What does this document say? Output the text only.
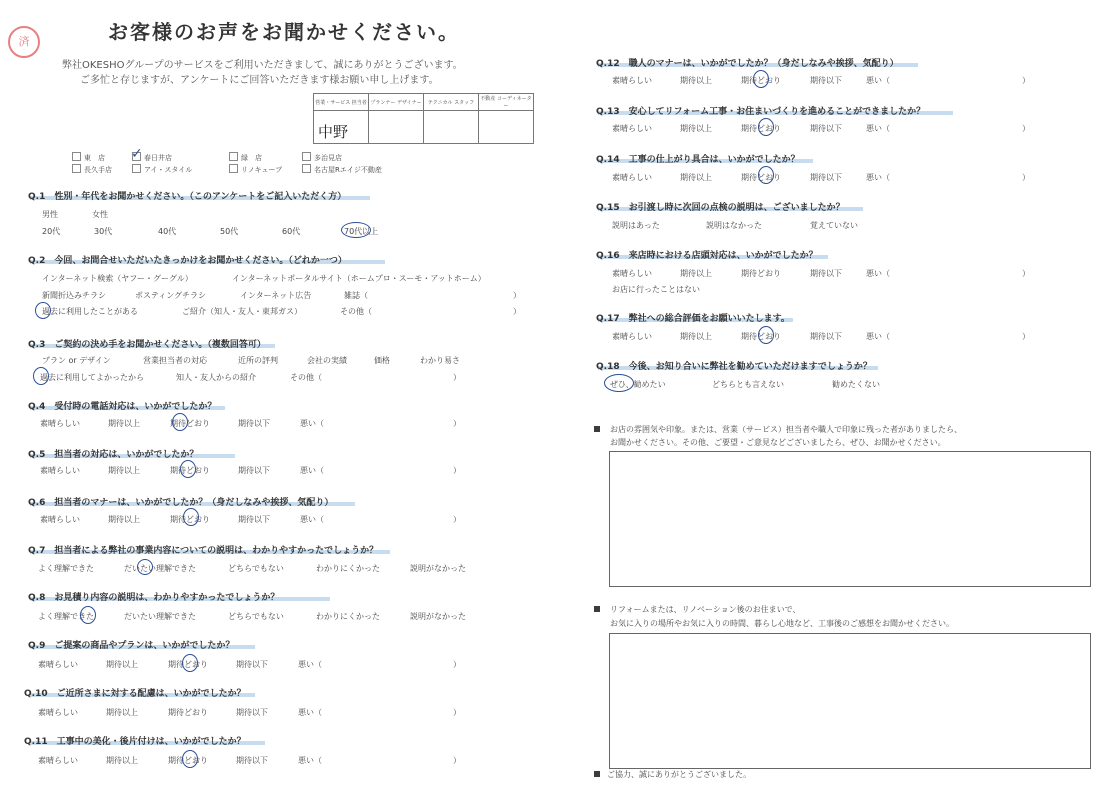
済	お客様のお声をお聞かせください。
弊社OKESHOグループのサービスをご利用いただきまして、誠にありがとうございます。
ご多忙と存じますが、アンケートにご回答いただきます様お願い申し上げます。
営業・サービス 担当者	プランナー デザイナー	テクニカル スタッフ	不動産 コーディネーター

中野
東　店	春日井店	緑　店	多治見店
長久手店	アイ・スタイル	リノキューブ	名古屋Rエイジ不動産
✓
Q.1　性別・年代をお聞かせください。（このアンケートをご記入いただく方）
男性	女性
20代	30代	40代	50代	60代	70代以上
Q.2　今回、お問合せいただいたきっかけをお聞かせください。（どれか一つ）
インターネット検索（ヤフー・グーグル）	インターネットポータルサイト（ホームプロ・スーモ・アットホーム）
新聞折込みチラシ	ポスティングチラシ	インターネット広告	雑誌（	）
過去に利用したことがある	ご紹介（知人・友人・東邦ガス）	その他（	）
Q.3　ご契約の決め手をお聞かせください。（複数回答可）
プラン or デザイン	営業担当者の対応	近所の評判	会社の実績	価格	わかり易さ
過去に利用してよかったから	知人・友人からの紹介	その他（	）
Q.4　受付時の電話対応は、いかがでしたか？
素晴らしい	期待以上	期待どおり	期待以下	悪い（	）
Q.5　担当者の対応は、いかがでしたか？
素晴らしい	期待以上	期待どおり	期待以下	悪い（	）
Q.6　担当者のマナーは、いかがでしたか？（身だしなみや挨拶、気配り）
素晴らしい	期待以上	期待どおり	期待以下	悪い（	）
Q.7　担当者による弊社の事業内容についての説明は、わかりやすかったでしょうか？
よく理解できた	だいたい理解できた	どちらでもない	わかりにくかった	説明がなかった
Q.8　お見積り内容の説明は、わかりやすかったでしょうか？
よく理解できた	だいたい理解できた	どちらでもない	わかりにくかった	説明がなかった
Q.9　ご提案の商品やプランは、いかがでしたか？
素晴らしい	期待以上	期待どおり	期待以下	悪い（	）
Q.10　ご近所さまに対する配慮は、いかがでしたか？
素晴らしい	期待以上	期待どおり	期待以下	悪い（	）
Q.11　工事中の美化・後片付けは、いかがでしたか？
素晴らしい	期待以上	期待どおり	期待以下	悪い（	）
Q.12　職人のマナーは、いかがでしたか？（身だしなみや挨拶、気配り）
素晴らしい	期待以上	期待どおり	期待以下	悪い（	）
Q.13　安心してリフォーム工事・お住まいづくりを進めることができましたか？
素晴らしい	期待以上	期待どおり	期待以下	悪い（	）
Q.14　工事の仕上がり具合は、いかがでしたか？
素晴らしい	期待以上	期待どおり	期待以下	悪い（	）
Q.15　お引渡し時に次回の点検の説明は、ございましたか？
説明はあった	説明はなかった	覚えていない
Q.16　来店時における店頭対応は、いかがでしたか？
素晴らしい	期待以上	期待どおり	期待以下	悪い（	）
お店に行ったことはない
Q.17　弊社への総合評価をお願いいたします。
素晴らしい	期待以上	期待どおり	期待以下	悪い（	）
Q.18　今後、お知り合いに弊社を勧めていただけますでしょうか？
ぜひ、勧めたい	どちらとも言えない	勧めたくない
お店の雰囲気や印象。または、営業（サービス）担当者や職人で印象に残った者がありましたら、
お聞かせください。その他、ご要望・ご意見などございましたら、ぜひ、お聞かせください。
リフォームまたは、リノベーション後のお住まいで、
お気に入りの場所やお気に入りの時間、暮らし心地など、工事後のご感想をお聞かせください。
ご協力、誠にありがとうございました。
